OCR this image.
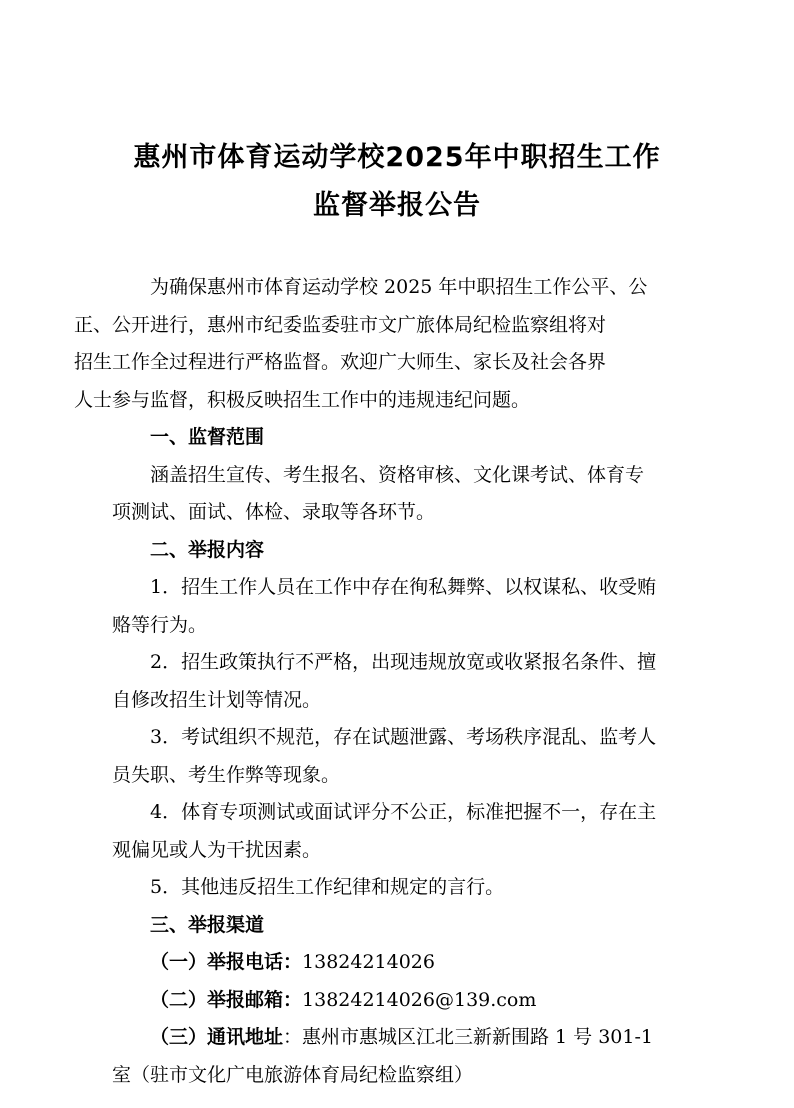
惠州市体育运动学校2025年中职招生工作
监督举报公告

为确保惠州市体育运动学校 2025 年中职招生工作公平、公
正、公开进行，惠州市纪委监委驻市文广旅体局纪检监察组将对
招生工作全过程进行严格监督。欢迎广大师生、家长及社会各界
人士参与监督，积极反映招生工作中的违规违纪问题。

一、监督范围

涵盖招生宣传、考生报名、资格审核、文化课考试、体育专
项测试、面试、体检、录取等各环节。

二、举报内容

1．招生工作人员在工作中存在徇私舞弊、以权谋私、收受贿
赂等行为。

2．招生政策执行不严格，出现违规放宽或收紧报名条件、擅
自修改招生计划等情况。

3．考试组织不规范，存在试题泄露、考场秩序混乱、监考人
员失职、考生作弊等现象。

4．体育专项测试或面试评分不公正，标准把握不一，存在主
观偏见或人为干扰因素。

5．其他违反招生工作纪律和规定的言行。

三、举报渠道

（一）举报电话：13824214026

（二）举报邮箱：13824214026@139.com

（三）通讯地址：惠州市惠城区江北三新新围路 1 号 301-1
室（驻市文化广电旅游体育局纪检监察组）
